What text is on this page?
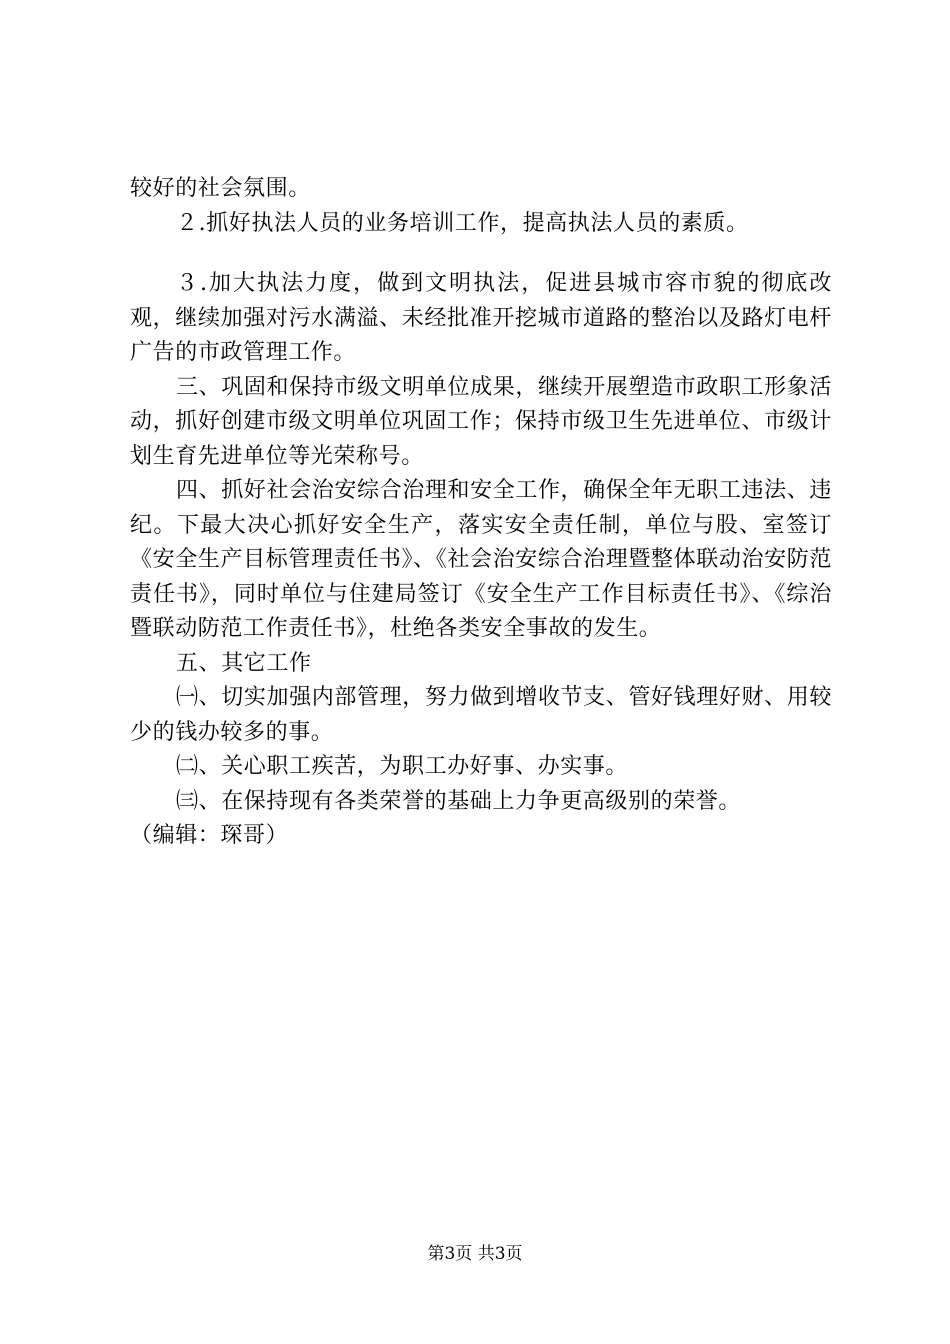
较好的社会氛围。

２.抓好执法人员的业务培训工作，提高执法人员的素质。

３.加大执法力度，做到文明执法，促进县城市容市貌的彻底改观，继续加强对污水满溢、未经批准开挖城市道路的整治以及路灯电杆广告的市政管理工作。

三、巩固和保持市级文明单位成果，继续开展塑造市政职工形象活动，抓好创建市级文明单位巩固工作；保持市级卫生先进单位、市级计划生育先进单位等光荣称号。

四、抓好社会治安综合治理和安全工作，确保全年无职工违法、违纪。下最大决心抓好安全生产，落实安全责任制，单位与股、室签订《安全生产目标管理责任书》、《社会治安综合治理暨整体联动治安防范责任书》，同时单位与住建局签订《安全生产工作目标责任书》、《综治暨联动防范工作责任书》，杜绝各类安全事故的发生。

五、其它工作

㈠、切实加强内部管理，努力做到增收节支、管好钱理好财、用较少的钱办较多的事。

㈡、关心职工疾苦，为职工办好事、办实事。

㈢、在保持现有各类荣誉的基础上力争更高级别的荣誉。

（编辑：琛哥）

第3页 共3页
